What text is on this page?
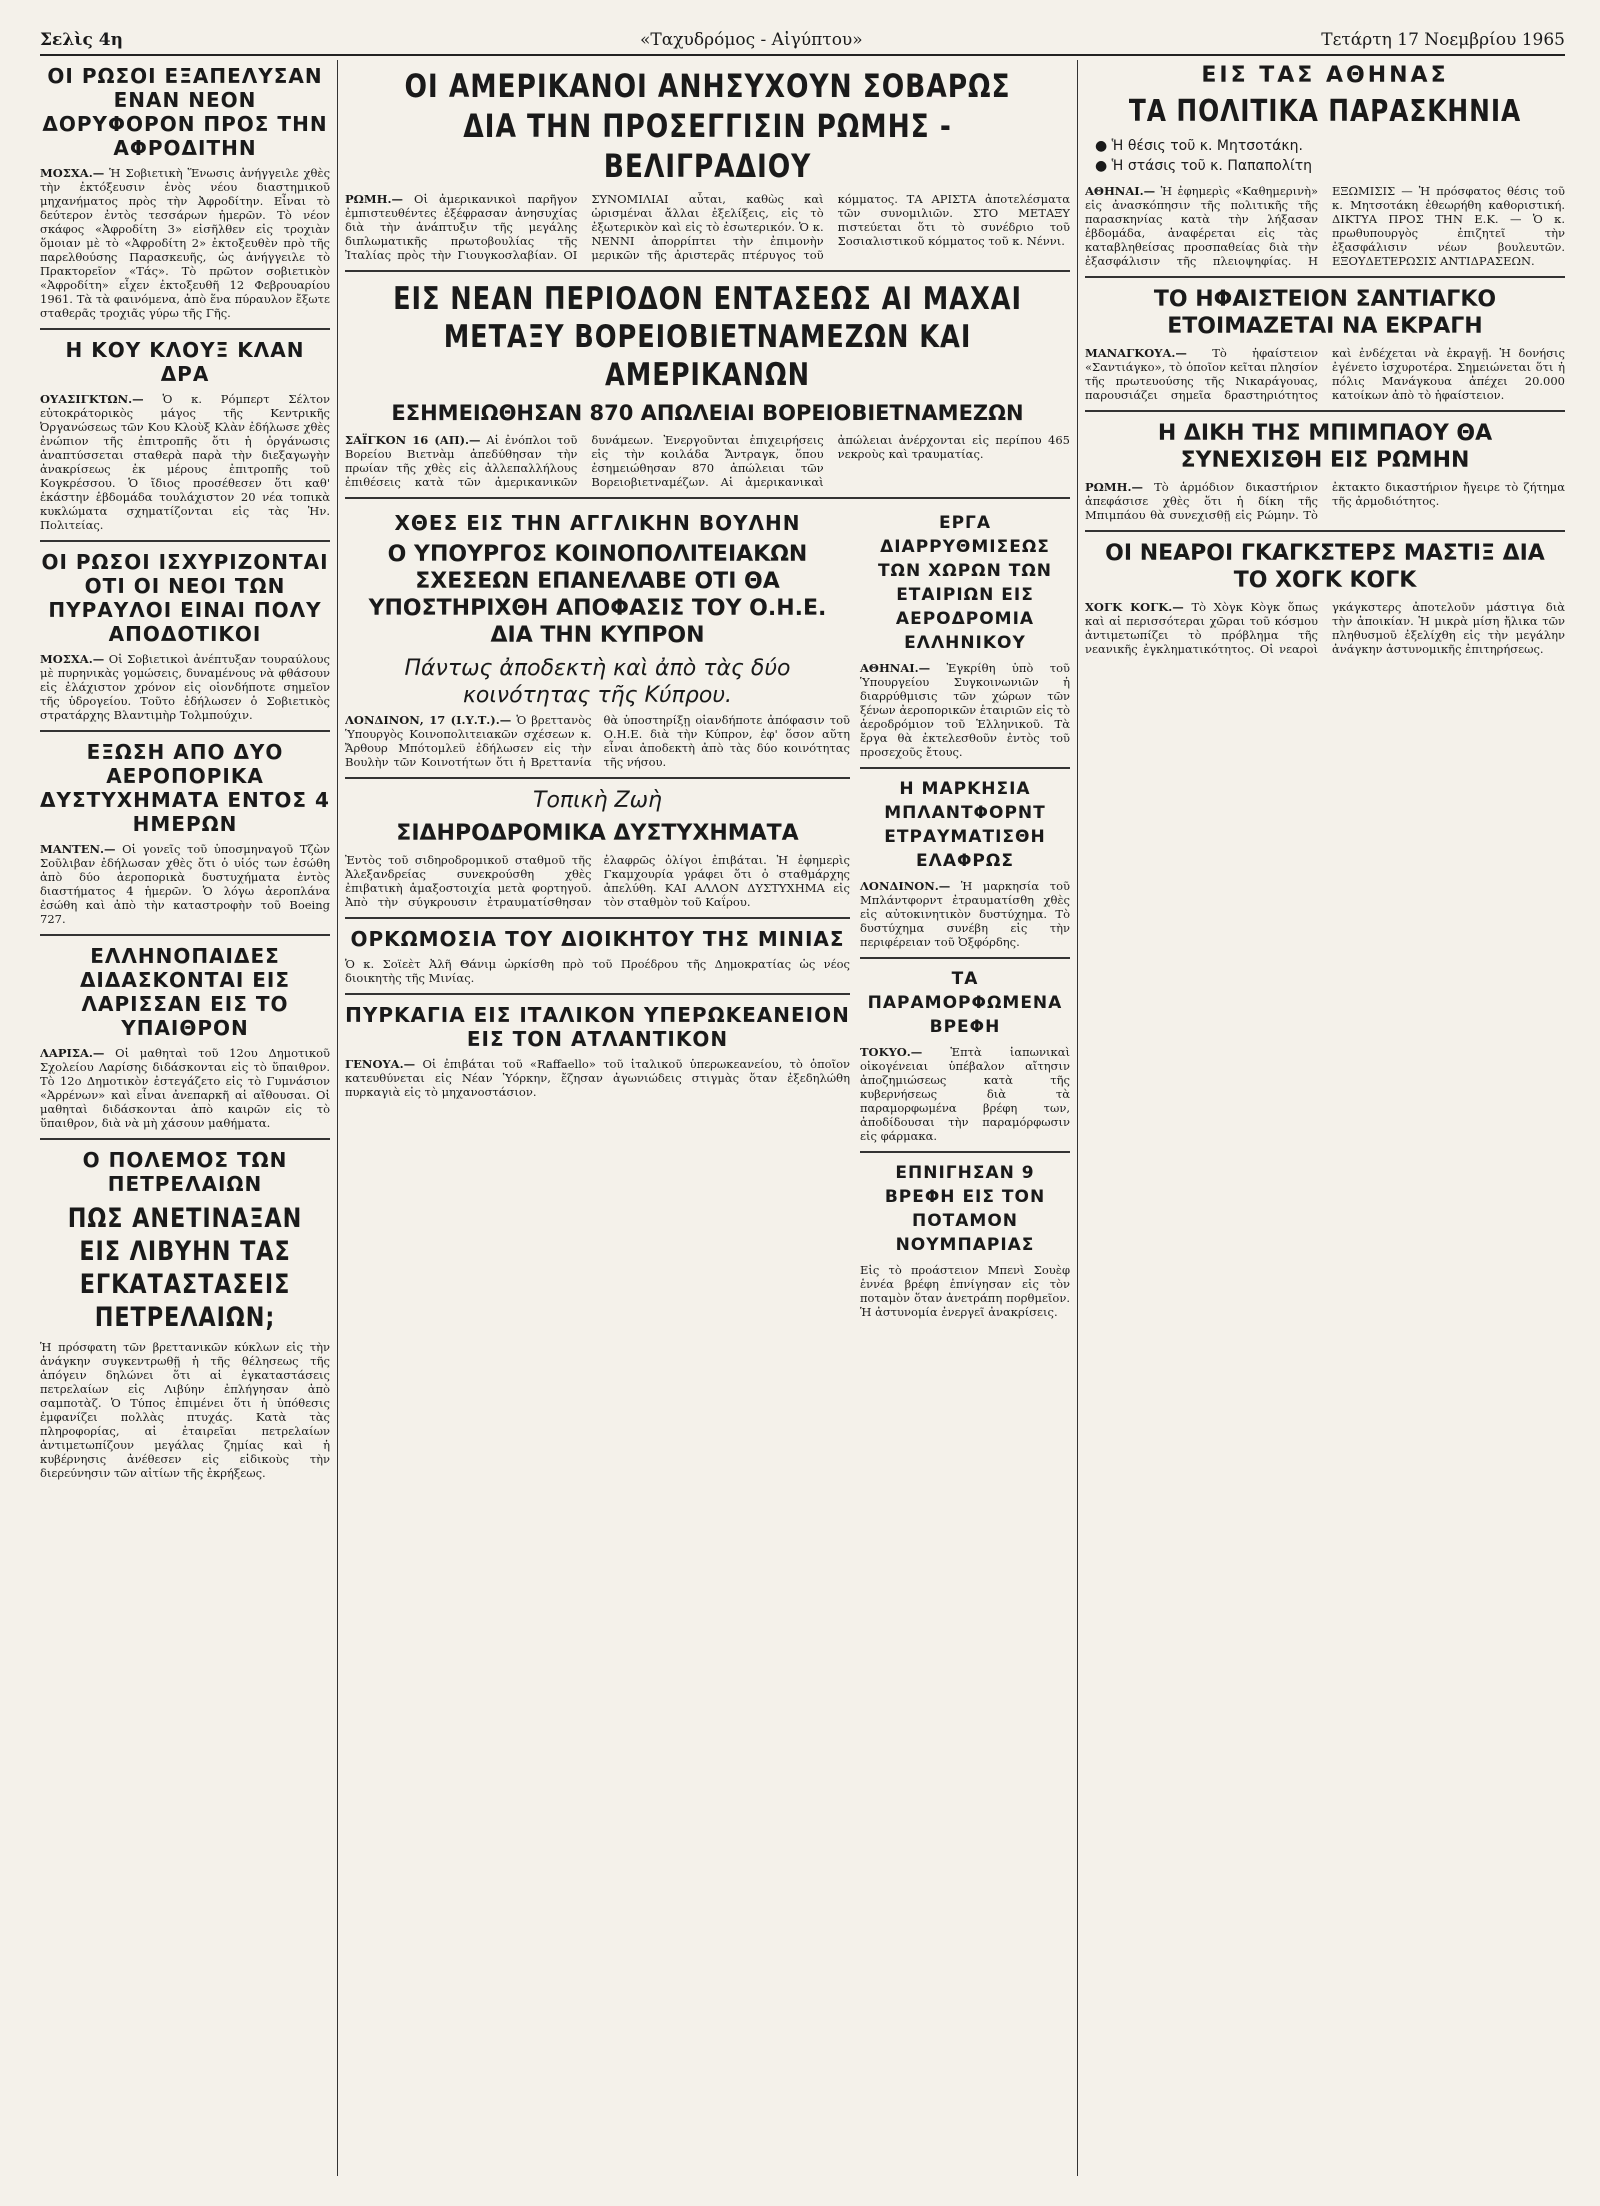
Σελὶς 4η	«Ταχυδρόμος - Αἰγύπτου»	Τετάρτη 17 Νοεμβρίου 1965
ΟΙ ΡΩΣΟΙ ΕΞΑΠΕΛΥΣΑΝ ΕΝΑΝ ΝΕΟΝ ΔΟΡΥΦΟΡΟΝ ΠΡΟΣ ΤΗΝ ΑΦΡΟΔΙΤΗΝ

ΜΟΣΧΑ.— Ἡ Σοβιετικὴ Ἕνωσις ἀνήγγειλε χθὲς τὴν ἐκτόξευσιν ἑνὸς νέου διαστημικοῦ μηχανήματος πρὸς τὴν Ἀφροδίτην. Εἶναι τὸ δεύτερον ἐντὸς τεσσάρων ἡμερῶν. Τὸ νέον σκάφος «Ἀφροδίτη 3» εἰσῆλθεν εἰς τροχιὰν ὅμοιαν μὲ τὸ «Ἀφροδίτη 2» ἐκτοξευθὲν πρὸ τῆς παρελθούσης Παρασκευῆς, ὡς ἀνήγγειλε τὸ Πρακτορεῖον «Τάς». Τὸ πρῶτον σοβιετικὸν «Ἀφροδίτη» εἶχεν ἐκτοξευθῆ 12 Φεβρουαρίου 1961. Τὰ τὰ φαινόμενα, ἀπὸ ἕνα πύραυλον ἔξωτε σταθερᾶς τροχιᾶς γύρω τῆς Γῆς.

Η ΚΟΥ ΚΛΟΥΞ ΚΛΑΝ ΔΡΑ

ΟΥΑΣΙΓΚΤΩΝ.— Ὁ κ. Ρόμπερτ Σέλτον εὐτοκράτορικὸς μάγος τῆς Κεντρικῆς Ὀργανώσεως τῶν Κου Κλοὺξ Κλὰν ἐδήλωσε χθὲς ἐνώπιον τῆς ἐπιτροπῆς ὅτι ἡ ὀργάνωσις ἀναπτύσσεται σταθερὰ παρὰ τὴν διεξαγωγὴν ἀνακρίσεως ἐκ μέρους ἐπιτροπῆς τοῦ Κογκρέσσου. Ὁ ἴδιος προσέθεσεν ὅτι καθ' ἑκάστην ἑβδομάδα τουλάχιστον 20 νέα τοπικὰ κυκλώματα σχηματίζονται εἰς τὰς Ἡν. Πολιτείας.

ΟΙ ΡΩΣΟΙ ΙΣΧΥΡΙΖΟΝΤΑΙ ΟΤΙ ΟΙ ΝΕΟΙ ΤΩΝ ΠΥΡΑΥΛΟΙ ΕΙΝΑΙ ΠΟΛΥ ΑΠΟΔΟΤΙΚΟΙ

ΜΟΣΧΑ.— Οἱ Σοβιετικοὶ ἀνέπτυξαν τουραύλους μὲ πυρηνικὰς γομώσεις, δυναμένους νὰ φθάσουν εἰς ἐλάχιστον χρόνον εἰς οἱονδήποτε σημεῖον τῆς ὑδρογείου. Τοῦτο ἐδήλωσεν ὁ Σοβιετικὸς στρατάρχης Βλαντιμὴρ Τολμπούχιν.

ΕΞΩΣΗ ΑΠΟ ΔΥΟ ΑΕΡΟΠΟΡΙΚΑ ΔΥΣΤΥΧΗΜΑΤΑ ΕΝΤΟΣ 4 ΗΜΕΡΩΝ

ΜΑΝΤΕΝ.— Οἱ γονεῖς τοῦ ὑποσμηναγοῦ Τζὼν Σοῦλιβαν ἐδήλωσαν χθὲς ὅτι ὁ υἱός των ἐσώθη ἀπὸ δύο ἀεροπορικὰ δυστυχήματα ἐντὸς διαστήματος 4 ἡμερῶν. Ὁ λόγω ἀεροπλάνα ἐσώθη καὶ ἀπὸ τὴν καταστροφὴν τοῦ Boeing 727.

ΕΛΛΗΝΟΠΑΙΔΕΣ ΔΙΔΑΣΚΟΝΤΑΙ ΕΙΣ ΛΑΡΙΣΣΑΝ ΕΙΣ ΤΟ ΥΠΑΙΘΡΟΝ

ΛΑΡΙΣΑ.— Οἱ μαθηταὶ τοῦ 12ου Δημοτικοῦ Σχολείου Λαρίσης διδάσκονται εἰς τὸ ὕπαιθρον. Τὸ 12ο Δημοτικὸν ἐστεγάζετο εἰς τὸ Γυμνάσιον «Ἀρρένων» καὶ εἶναι ἀνεπαρκῆ αἱ αἴθουσαι. Οἱ μαθηταὶ διδάσκονται ἀπὸ καιρῶν εἰς τὸ ὕπαιθρον, διὰ νὰ μὴ χάσουν μαθήματα.

Ο ΠΟΛΕΜΟΣ ΤΩΝ ΠΕΤΡΕΛΑΙΩΝ
ΠΩΣ ΑΝΕΤΙΝΑΞΑΝ ΕΙΣ ΛΙΒΥΗΝ ΤΑΣ ΕΓΚΑΤΑΣΤΑΣΕΙΣ ΠΕΤΡΕΛΑΙΩΝ;

Ἡ πρόσφατη τῶν βρεττανικῶν κύκλων εἰς τὴν ἀνάγκην συγκεντρωθῇ ἡ τῆς θέλησεως τῆς ἀπόγειν δηλώνει ὅτι αἱ ἐγκαταστάσεις πετρελαίων εἰς Λιβύην ἐπλήγησαν ἀπὸ σαμποτὰζ. Ὁ Τύπος ἐπιμένει ὅτι ἡ ὑπόθεσις ἐμφανίζει πολλὰς πτυχάς. Κατὰ τὰς πληροφορίας, αἱ ἐταιρεῖαι πετρελαίων ἀντιμετωπίζουν μεγάλας ζημίας καὶ ἡ κυβέρνησις ἀνέθεσεν εἰς εἰδικοὺς τὴν διερεύνησιν τῶν αἰτίων τῆς ἐκρήξεως.

ΟΙ ΑΜΕΡΙΚΑΝΟΙ ΑΝΗΣΥΧΟΥΝ ΣΟΒΑΡΩΣ ΔΙΑ ΤΗΝ ΠΡΟΣΕΓΓΙΣΙΝ ΡΩΜΗΣ - ΒΕΛΙΓΡΑΔΙΟΥ

ΡΩΜΗ.— Οἱ ἀμερικανικοὶ παρῆγον ἐμπιστευθέντες ἐξέφρασαν ἀνησυχίας διὰ τὴν ἀνάπτυξιν τῆς μεγάλης διπλωματικῆς πρωτοβουλίας τῆς Ἰταλίας πρὸς τὴν Γιουγκοσλαβίαν. ΟΙ ΣΥΝΟΜΙΛΙΑΙ αὗται, καθὼς καὶ ὡρισμέναι ἄλλαι ἐξελίξεις, εἰς τὸ ἐξωτερικὸν καὶ εἰς τὸ ἐσωτερικόν. Ὁ κ. ΝΕΝΝΙ ἀπορρίπτει τὴν ἐπιμονὴν μερικῶν τῆς ἀριστερᾶς πτέρυγος τοῦ κόμματος. ΤΑ ΑΡΙΣΤΑ ἀποτελέσματα τῶν συνομιλιῶν. ΣΤΟ ΜΕΤΑΞΥ πιστεύεται ὅτι τὸ συνέδριο τοῦ Σοσιαλιστικοῦ κόμματος τοῦ κ. Νέννι.

ΕΙΣ ΝΕΑΝ ΠΕΡΙΟΔΟΝ ΕΝΤΑΣΕΩΣ ΑΙ ΜΑΧΑΙ ΜΕΤΑΞΥ ΒΟΡΕΙΟΒΙΕΤΝΑΜΕΖΩΝ ΚΑΙ ΑΜΕΡΙΚΑΝΩΝ
ΕΣΗΜΕΙΩΘΗΣΑΝ 870 ΑΠΩΛΕΙΑΙ ΒΟΡΕΙΟΒΙΕΤΝΑΜΕΖΩΝ

ΣΑΪΓΚΟΝ 16 (ΑΠ).— Αἱ ἐνόπλοι τοῦ Βορείου Βιετνὰμ ἀπεδύθησαν τὴν πρωίαν τῆς χθὲς εἰς ἀλλεπαλλήλους ἐπιθέσεις κατὰ τῶν ἀμερικανικῶν δυνάμεων. Ἐνεργοῦνται ἐπιχειρήσεις εἰς τὴν κοιλάδα Ἄντραγκ, ὅπου ἐσημειώθησαν 870 ἀπώλειαι τῶν Βορειοβιετναμέζων. Αἱ ἀμερικανικαὶ ἀπώλειαι ἀνέρχονται εἰς περίπου 465 νεκροὺς καὶ τραυματίας.

ΧΘΕΣ ΕΙΣ ΤΗΝ ΑΓΓΛΙΚΗΝ ΒΟΥΛΗΝ
Ο ΥΠΟΥΡΓΟΣ ΚΟΙΝΟΠΟΛΙΤΕΙΑΚΩΝ ΣΧΕΣΕΩΝ ΕΠΑΝΕΛΑΒΕ ΟΤΙ ΘΑ ΥΠΟΣΤΗΡΙΧΘΗ ΑΠΟΦΑΣΙΣ ΤΟΥ Ο.Η.Ε. ΔΙΑ ΤΗΝ ΚΥΠΡΟΝ
Πάντως ἀποδεκτὴ καὶ ἀπὸ τὰς δύο κοινότητας τῆς Κύπρου.

ΛΟΝΔΙΝΟΝ, 17 (Ι.Υ.Τ.).— Ὁ βρεττανὸς Ὑπουργὸς Κοινοπολιτειακῶν σχέσεων κ. Ἄρθουρ Μπότομλεϋ ἐδήλωσεν εἰς τὴν Βουλὴν τῶν Κοινοτήτων ὅτι ἡ Βρεττανία θὰ ὑποστηρίξῃ οἱανδήποτε ἀπόφασιν τοῦ Ο.Η.Ε. διὰ τὴν Κύπρον, ἐφ' ὅσον αὕτη εἶναι ἀποδεκτὴ ἀπὸ τὰς δύο κοινότητας τῆς νήσου.

Τοπικὴ Ζωὴ
ΣΙΔΗΡΟΔΡΟΜΙΚΑ ΔΥΣΤΥΧΗΜΑΤΑ

Ἐντὸς τοῦ σιδηροδρομικοῦ σταθμοῦ τῆς Ἀλεξανδρείας συνεκρούσθη χθὲς ἐπιβατικὴ ἁμαξοστοιχία μετὰ φορτηγοῦ. Ἀπὸ τὴν σύγκρουσιν ἐτραυματίσθησαν ἐλαφρῶς ὀλίγοι ἐπιβάται. Ἡ ἐφημερὶς Γκαμχουρία γράφει ὅτι ὁ σταθμάρχης ἀπελύθη. ΚΑΙ ΑΛΛΟΝ ΔΥΣΤΥΧΗΜΑ εἰς τὸν σταθμὸν τοῦ Καΐρου.

ΟΡΚΩΜΟΣΙΑ ΤΟΥ ΔΙΟΙΚΗΤΟΥ ΤΗΣ ΜΙΝΙΑΣ

Ὁ κ. Σοϊεὲτ Ἀλῆ Θάνιμ ὡρκίσθη πρὸ τοῦ Προέδρου τῆς Δημοκρατίας ὡς νέος διοικητὴς τῆς Μινίας.

ΠΥΡΚΑΓΙΑ ΕΙΣ ΙΤΑΛΙΚΟΝ ΥΠΕΡΩΚΕΑΝΕΙΟΝ ΕΙΣ ΤΟΝ ΑΤΛΑΝΤΙΚΟΝ

ΓΕΝΟΥΑ.— Οἱ ἐπιβάται τοῦ «Raffaello» τοῦ ἰταλικοῦ ὑπερωκεανείου, τὸ ὁποῖον κατευθύνεται εἰς Νέαν Ὑόρκην, ἔζησαν ἀγωνιώδεις στιγμὰς ὅταν ἐξεδηλώθη πυρκαγιὰ εἰς τὸ μηχανοστάσιον.

ΕΡΓΑ ΔΙΑΡΡΥΘΜΙΣΕΩΣ ΤΩΝ ΧΩΡΩΝ ΤΩΝ ΕΤΑΙΡΙΩΝ ΕΙΣ ΑΕΡΟΔΡΟΜΙΑ ΕΛΛΗΝΙΚΟΥ

ΑΘΗΝΑΙ.— Ἐγκρίθη ὑπὸ τοῦ Ὑπουργείου Συγκοινωνιῶν ἡ διαρρύθμισις τῶν χώρων τῶν ξένων ἀεροπορικῶν ἑταιριῶν εἰς τὸ ἀεροδρόμιον τοῦ Ἑλληνικοῦ. Τὰ ἔργα θὰ ἐκτελεσθοῦν ἐντὸς τοῦ προσεχοῦς ἔτους.

Η ΜΑΡΚΗΣΙΑ ΜΠΛΑΝΤΦΟΡΝΤ ΕΤΡΑΥΜΑΤΙΣΘΗ ΕΛΑΦΡΩΣ

ΛΟΝΔΙΝΟΝ.— Ἡ μαρκησία τοῦ Μπλάντφορντ ἐτραυματίσθη χθὲς εἰς αὐτοκινητικὸν δυστύχημα. Τὸ δυστύχημα συνέβη εἰς τὴν περιφέρειαν τοῦ Ὀξφόρδης.

ΤΑ ΠΑΡΑΜΟΡΦΩΜΕΝΑ ΒΡΕΦΗ

ΤΟΚΥΟ.— Ἑπτὰ ἰαπωνικαὶ οἰκογένειαι ὑπέβαλον αἴτησιν ἀποζημιώσεως κατὰ τῆς κυβερνήσεως διὰ τὰ παραμορφωμένα βρέφη των, ἀποδίδουσαι τὴν παραμόρφωσιν εἰς φάρμακα.

ΕΠΝΙΓΗΣΑΝ 9 ΒΡΕΦΗ ΕΙΣ ΤΟΝ ΠΟΤΑΜΟΝ ΝΟΥΜΠΑΡΙΑΣ

Εἰς τὸ προάστειον Μπενὶ Σουὲφ ἑννέα βρέφη ἐπνίγησαν εἰς τὸν ποταμὸν ὅταν ἀνετράπη πορθμεῖον. Ἡ ἀστυνομία ἐνεργεῖ ἀνακρίσεις.

ΕΙΣ ΤΑΣ ΑΘΗΝΑΣ
ΤΑ ΠΟΛΙΤΙΚΑ ΠΑΡΑΣΚΗΝΙΑ
● Ἡ θέσις τοῦ κ. Μητσοτάκη.
● Ἡ στάσις τοῦ κ. Παπαπολίτη

ΑΘΗΝΑΙ.— Ἡ ἐφημερὶς «Καθημερινὴ» εἰς ἀνασκόπησιν τῆς πολιτικῆς τῆς παρασκηνίας κατὰ τὴν λήξασαν ἑβδομάδα, ἀναφέρεται εἰς τὰς καταβληθείσας προσπαθείας διὰ τὴν ἐξασφάλισιν τῆς πλειοψηφίας. Η ΕΞΩΜΙΣΙΣ — Ἡ πρόσφατος θέσις τοῦ κ. Μητσοτάκη ἐθεωρήθη καθοριστική. ΔΙΚΤΥΑ ΠΡΟΣ ΤΗΝ Ε.Κ. — Ὁ κ. πρωθυπουργὸς ἐπιζητεῖ τὴν ἐξασφάλισιν νέων βουλευτῶν. ΕΞΟΥΔΕΤΕΡΩΣΙΣ ΑΝΤΙΔΡΑΣΕΩΝ.

ΤΟ ΗΦΑΙΣΤΕΙΟΝ ΣΑΝΤΙΑΓΚΟ ΕΤΟΙΜΑΖΕΤΑΙ ΝΑ ΕΚΡΑΓΗ

ΜΑΝΑΓΚΟΥΑ.— Τὸ ἡφαίστειον «Σαντιάγκο», τὸ ὁποῖον κεῖται πλησίον τῆς πρωτευούσης τῆς Νικαράγουας, παρουσιάζει σημεῖα δραστηριότητος καὶ ἐνδέχεται νὰ ἐκραγῇ. Ἡ δονήσις ἐγένετο ἰσχυροτέρα. Σημειώνεται ὅτι ἡ πόλις Μανάγκουα ἀπέχει 20.000 κατοίκων ἀπὸ τὸ ἡφαίστειον.

Η ΔΙΚΗ ΤΗΣ ΜΠΙΜΠΑΟΥ ΘΑ ΣΥΝΕΧΙΣΘΗ ΕΙΣ ΡΩΜΗΝ

ΡΩΜΗ.— Τὸ ἁρμόδιον δικαστήριον ἀπεφάσισε χθὲς ὅτι ἡ δίκη τῆς Μπιμπάου θὰ συνεχισθῇ εἰς Ρώμην. Τὸ ἐκτακτο δικαστήριον ἤγειρε τὸ ζήτημα τῆς ἀρμοδιότητος.

ΟΙ ΝΕΑΡΟΙ ΓΚΑΓΚΣΤΕΡΣ ΜΑΣΤΙΞ ΔΙΑ ΤΟ ΧΟΓΚ ΚΟΓΚ

ΧΟΓΚ ΚΟΓΚ.— Τὸ Χὸγκ Κὸγκ ὅπως καὶ αἱ περισσότεραι χῶραι τοῦ κόσμου ἀντιμετωπίζει τὸ πρόβλημα τῆς νεανικῆς ἐγκληματικότητος. Οἱ νεαροὶ γκάγκστερς ἀποτελοῦν μάστιγα διὰ τὴν ἀποικίαν. Ἡ μικρὰ μίση ἤλικα τῶν πληθυσμοῦ ἐξελίχθη εἰς τὴν μεγάλην ἀνάγκην ἀστυνομικῆς ἐπιτηρήσεως.
